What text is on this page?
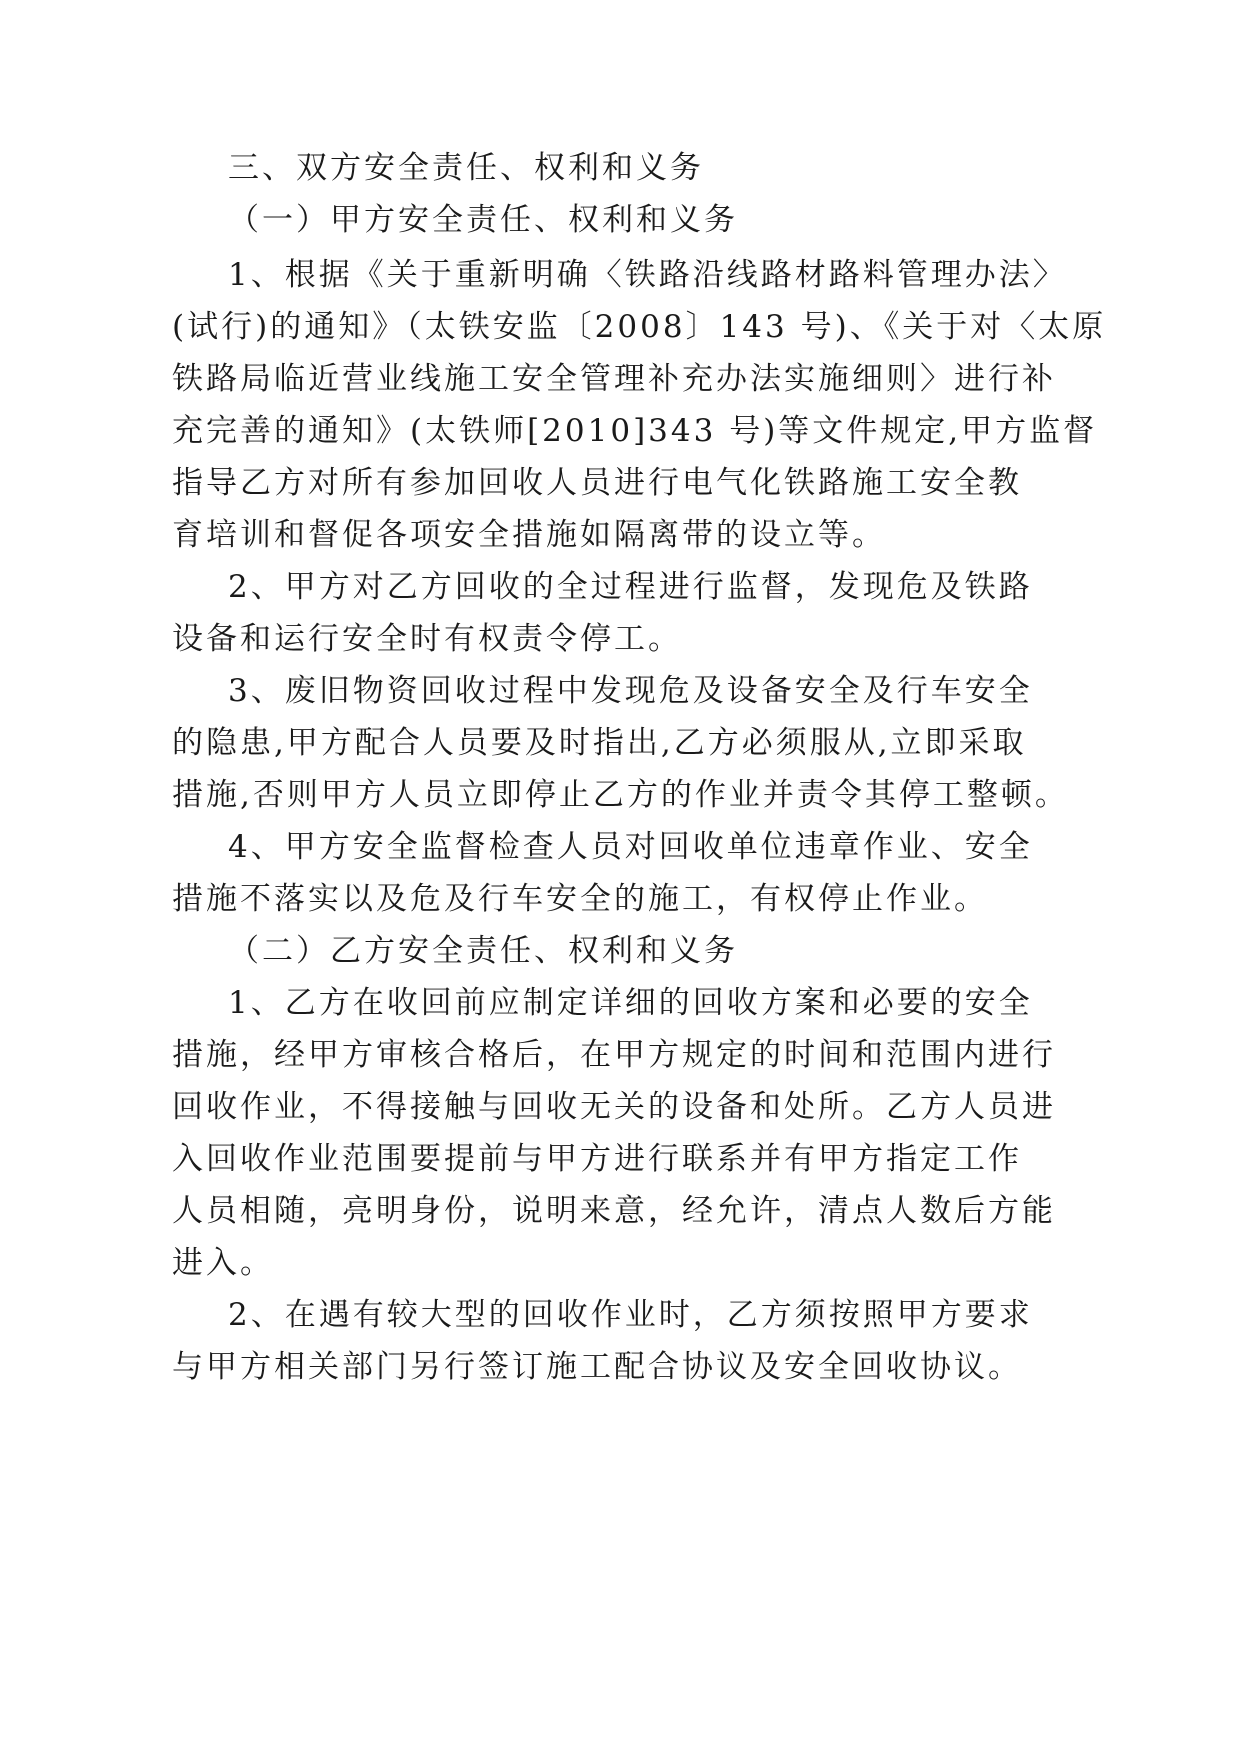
三、双方安全责任、权利和义务
（一）甲方安全责任、权利和义务
1、根据《关于重新明确〈铁路沿线路材路料管理办法〉
(试行)的通知》（太铁安监〔2008〕143 号)、《关于对〈太原
铁路局临近营业线施工安全管理补充办法实施细则〉进行补
充完善的通知》(太铁师[2010]343 号)等文件规定,甲方监督
指导乙方对所有参加回收人员进行电气化铁路施工安全教
育培训和督促各项安全措施如隔离带的设立等。
2、甲方对乙方回收的全过程进行监督，发现危及铁路
设备和运行安全时有权责令停工。
3、废旧物资回收过程中发现危及设备安全及行车安全
的隐患,甲方配合人员要及时指出,乙方必须服从,立即采取
措施,否则甲方人员立即停止乙方的作业并责令其停工整顿。
4、甲方安全监督检查人员对回收单位违章作业、安全
措施不落实以及危及行车安全的施工，有权停止作业。
（二）乙方安全责任、权利和义务
1、乙方在收回前应制定详细的回收方案和必要的安全
措施，经甲方审核合格后，在甲方规定的时间和范围内进行
回收作业，不得接触与回收无关的设备和处所。乙方人员进
入回收作业范围要提前与甲方进行联系并有甲方指定工作
人员相随，亮明身份，说明来意，经允许，清点人数后方能
进入。
2、在遇有较大型的回收作业时，乙方须按照甲方要求
与甲方相关部门另行签订施工配合协议及安全回收协议。
